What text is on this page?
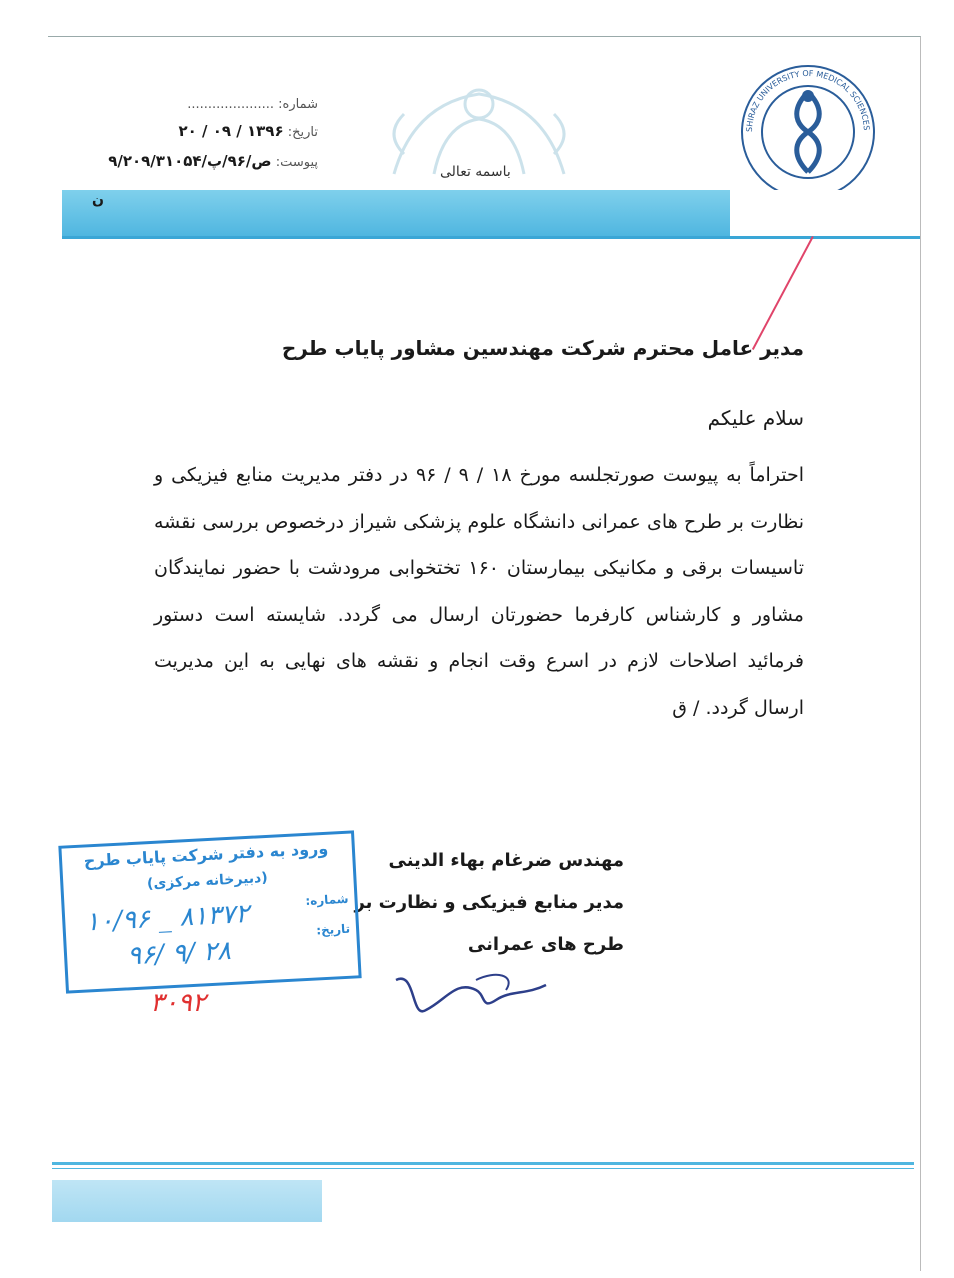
SHIRAZ UNIVERSITY OF MEDICAL SCIENCES
باسمه تعالی
شماره: .....................
تاریخ: ۱۳۹۶ / ۰۹ / ۲۰
پیوست: ص/۹۶/پ/۹/۲۰۹/۳۱۰۵۴
ن
مدیر عامل محترم شرکت مهندسین مشاور پایاب طرح
سلام علیکم
احتراماً به پیوست صورتجلسه مورخ ۱۸ / ۹ / ۹۶ در دفتر مدیریت منابع فیزیکی و نظارت بر طرح های عمرانی دانشگاه علوم پزشکی شیراز درخصوص بررسی نقشه تاسیسات برقی و مکانیکی بیمارستان ۱۶۰ تختخوابی مرودشت با حضور نمایندگان مشاور و کارشناس کارفرما حضورتان ارسال می گردد. شایسته است دستور فرمائید اصلاحات لازم در اسرع وقت انجام و نقشه های نهایی به این مدیریت ارسال گردد. / ق
مهندس ضرغام بهاء الدینی
مدیر منابع فیزیکی و نظارت بر
طرح های عمرانی
ورود به دفتر شرکت پایاب طرح
(دبیرخانه مرکزی)
شماره:
تاریخ:
۱۰/۹۶ _ ۸۱۳۷۲
۹۶/ ۹/ ۲۸
۳۰۹۲
